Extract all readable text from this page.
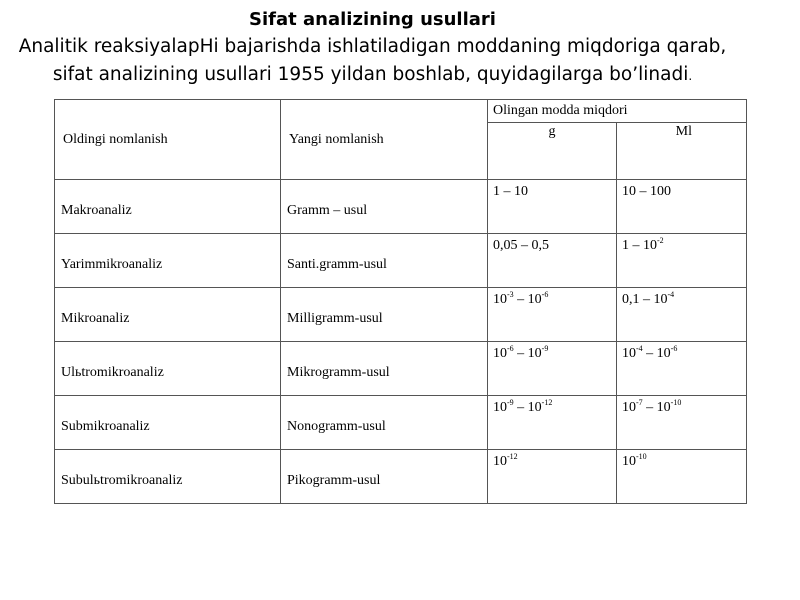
Sifat analizining usullari
Analitik reaksiyalapHi bajarishda ishlatiladigan moddaning miqdoriga qarab,
sifat analizining usullari 1955 yildan boshlab, quyidagilarga bo’linadi.
Oldingi nomlanish	Yangi nomlanish	Olingan modda miqdori	
		g	Ml
Makroanaliz	Gramm – usul	1 – 10	10 – 100
Yarimmikroanaliz	Santi.gramm-usul	0,05 – 0,5	$1 - 10^{-2}$
Mikroanaliz	Milligramm-usul	$10^{-3} - 10^{-6}$	$0,1 - 10^{-4}$
Ulьtromikroanaliz	Mikrogramm-usul	$10^{-6} - 10^{-9}$	$10^{-4} - 10^{-6}$
Submikroanaliz	Nonogramm-usul	$10^{-9} - 10^{-12}$	$10^{-7} - 10^{-10}$
Subulьtromikroanaliz	Pikogramm-usul	$10^{-12}$	$10^{-10}$
